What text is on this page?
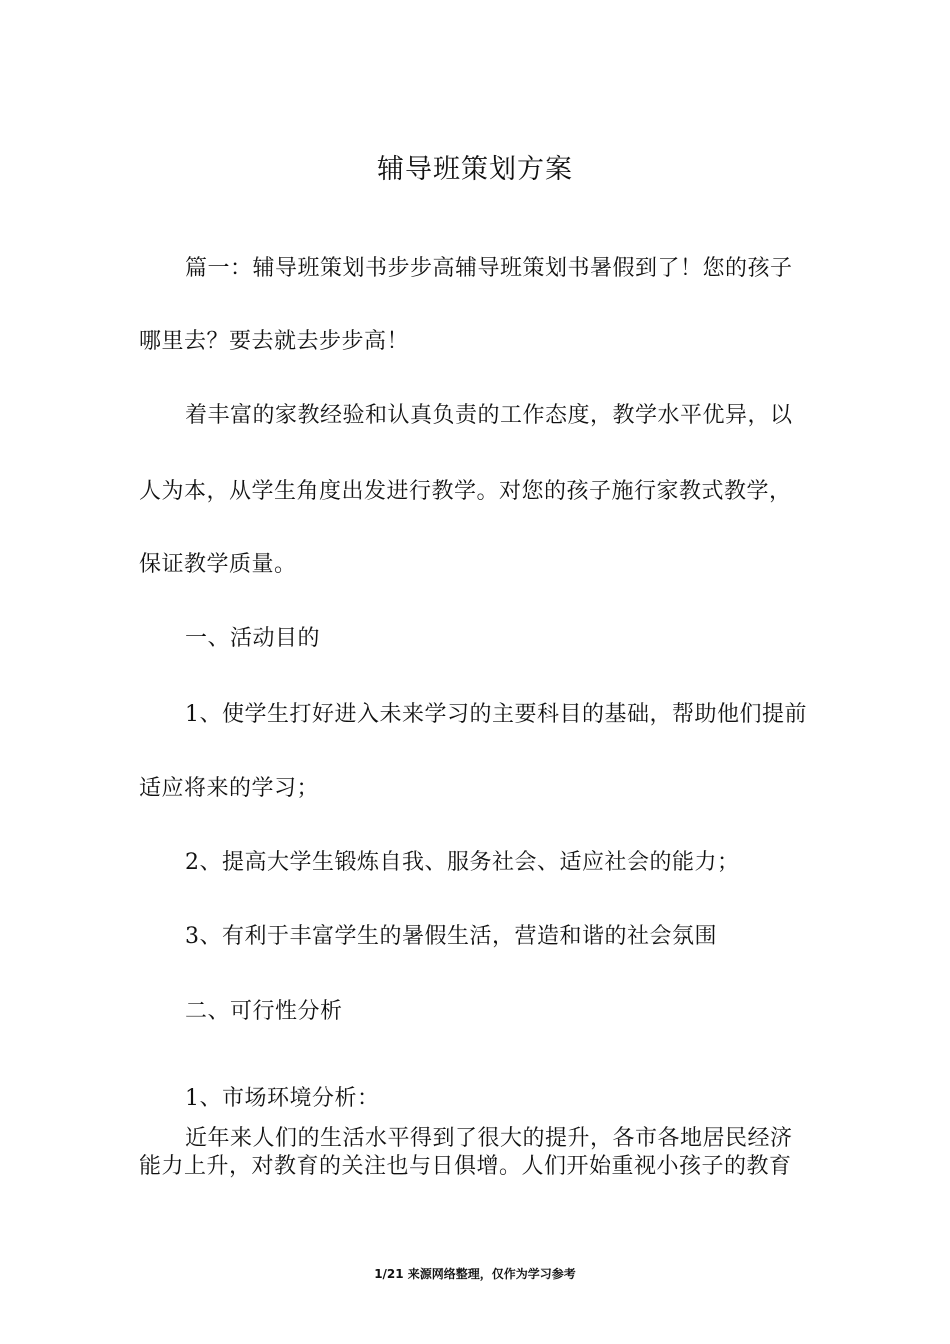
辅导班策划方案
篇一：辅导班策划书步步高辅导班策划书暑假到了！您的孩子
哪里去？要去就去步步高！
着丰富的家教经验和认真负责的工作态度，教学水平优异，以
人为本，从学生角度出发进行教学。对您的孩子施行家教式教学，
保证教学质量。
一、活动目的
1、使学生打好进入未来学习的主要科目的基础，帮助他们提前
适应将来的学习；
2、提高大学生锻炼自我、服务社会、适应社会的能力；
3、有利于丰富学生的暑假生活，营造和谐的社会氛围
二、可行性分析
1、市场环境分析：
近年来人们的生活水平得到了很大的提升，各市各地居民经济
能力上升，对教育的关注也与日俱增。人们开始重视小孩子的教育
1/21 来源网络整理，仅作为学习参考
